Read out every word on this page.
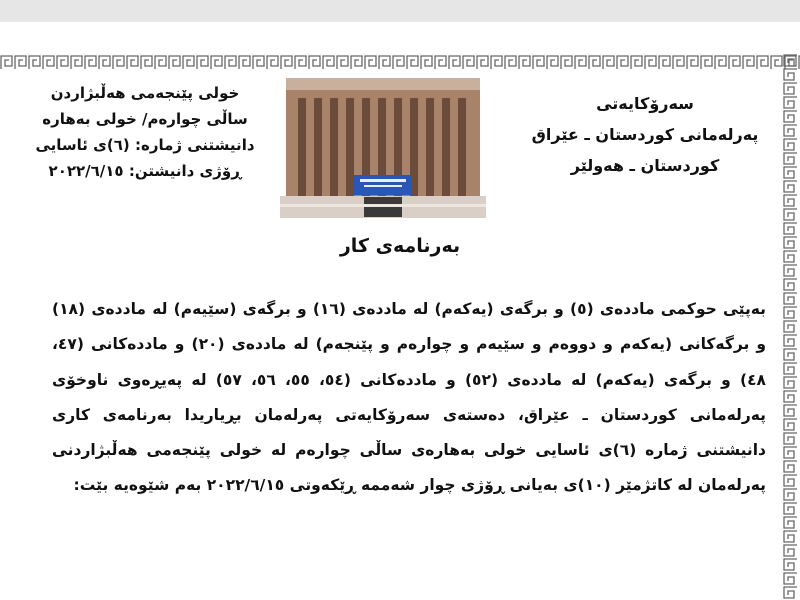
خولی پێنجەمی هەڵبژاردن
ساڵی چوارەم/ خولی بەهارە
دانیشتنی ژمارە: (٦)ی ئاسایی
ڕۆژی دانیشتن: ٢٠٢٢/٦/١٥
سەرۆکایەتی
پەرلەمانی کوردستان ـ عێراق
کوردستان ـ هەولێر
بەرنامەی کار

بەپێی حوکمی ماددەی (٥) و برگەی (یەکەم) لە ماددەی (١٦) و برگەی (سێیەم) لە ماددەی (١٨) و برگەکانی (یەکەم و دووەم و سێیەم و چوارەم و پێنجەم) لە ماددەی (٢٠) و ماددەکانی (٤٧، ٤٨) و برگەی (یەکەم) لە ماددەی (٥٢) و ماددەکانی (٥٤، ٥٥، ٥٦، ٥٧) لە پەیڕەوی ناوخۆی پەرلەمانی کوردستان ـ عێراق، دەستەی سەرۆکایەتی پەرلەمان بڕیاریدا بەرنامەی کاری دانیشتنی ژمارە (٦)ی ئاسایی خولی بەهارەی ساڵی چوارەم لە خولی پێنجەمی هەڵبژاردنی پەرلەمان لە کاتژمێر (١٠)ی بەیانی ڕۆژی چوار شەممە ڕێکەوتی ٢٠٢٢/٦/١٥ بەم شێوەیە بێت:
